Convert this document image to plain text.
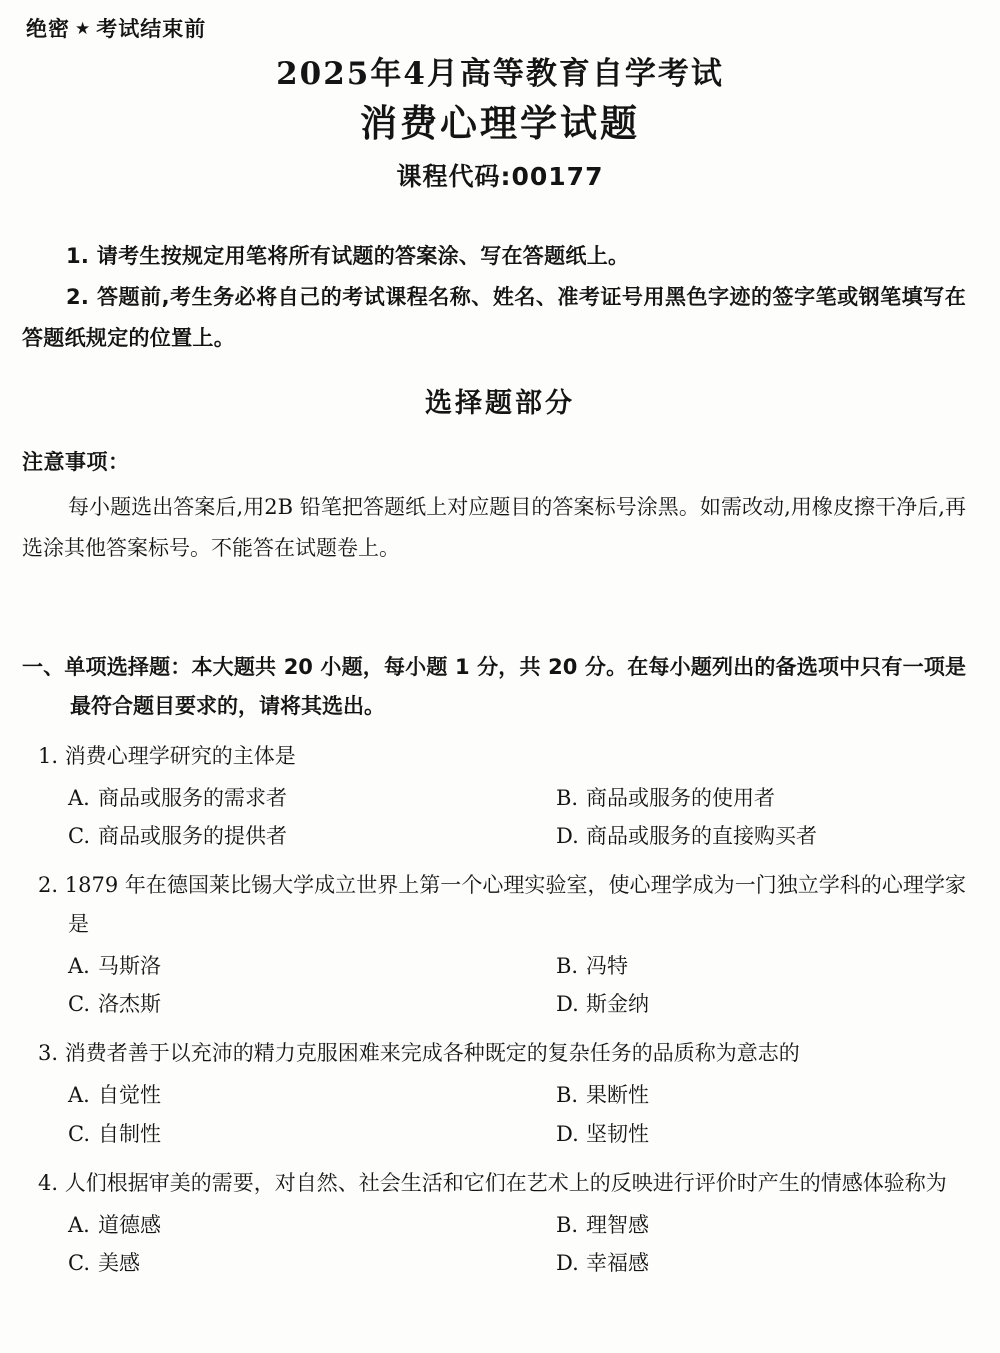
绝密 ★ 考试结束前
2025年4月高等教育自学考试
消费心理学试题
课程代码:00177
1. 请考生按规定用笔将所有试题的答案涂、写在答题纸上。
2. 答题前,考生务必将自己的考试课程名称、姓名、准考证号用黑色字迹的签字笔或钢笔填写在答题纸规定的位置上。
选择题部分
注意事项：
每小题选出答案后,用2B 铅笔把答题纸上对应题目的答案标号涂黑。如需改动,用橡皮擦干净后,再选涂其他答案标号。不能答在试题卷上。
一、单项选择题：本大题共 20 小题，每小题 1 分，共 20 分。在每小题列出的备选项中只有一项是最符合题目要求的，请将其选出。
1. 消费心理学研究的主体是
A. 商品或服务的需求者	B. 商品或服务的使用者
C. 商品或服务的提供者	D. 商品或服务的直接购买者
2. 1879 年在德国莱比锡大学成立世界上第一个心理实验室，使心理学成为一门独立学科的心理学家是
A. 马斯洛	B. 冯特
C. 洛杰斯	D. 斯金纳
3. 消费者善于以充沛的精力克服困难来完成各种既定的复杂任务的品质称为意志的
A. 自觉性	B. 果断性
C. 自制性	D. 坚韧性
4. 人们根据审美的需要，对自然、社会生活和它们在艺术上的反映进行评价时产生的情感体验称为
A. 道德感	B. 理智感
C. 美感	D. 幸福感
